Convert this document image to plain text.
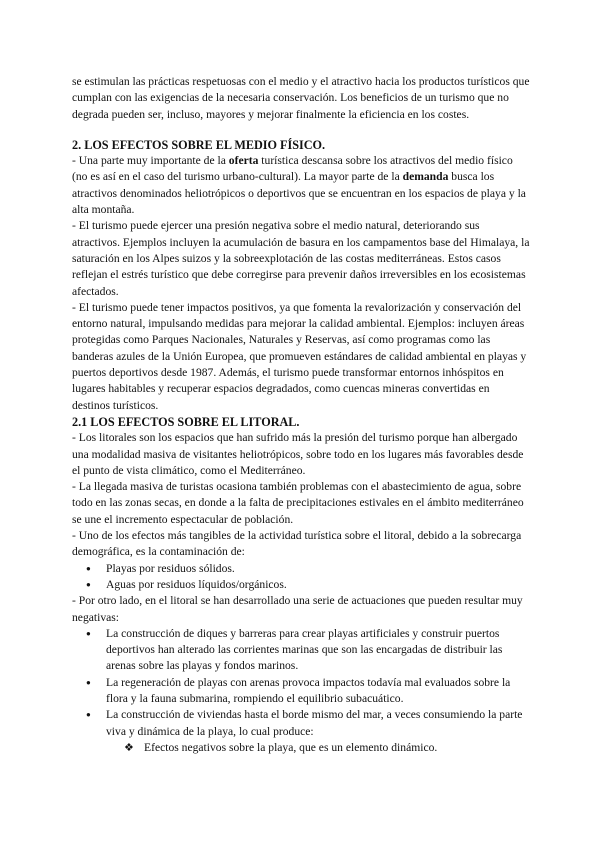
se estimulan las prácticas respetuosas con el medio y el atractivo hacia los productos turísticos que cumplan con las exigencias de la necesaria conservación. Los beneficios de un turismo que no degrada pueden ser, incluso, mayores y mejorar finalmente la eficiencia en los costes.

2. LOS EFECTOS SOBRE EL MEDIO FÍSICO.

- Una parte muy importante de la oferta turística descansa sobre los atractivos del medio físico (no es así en el caso del turismo urbano-cultural). La mayor parte de la demanda busca los atractivos denominados heliotrópicos o deportivos que se encuentran en los espacios de playa y la alta montaña.

- El turismo puede ejercer una presión negativa sobre el medio natural, deteriorando sus atractivos. Ejemplos incluyen la acumulación de basura en los campamentos base del Himalaya, la saturación en los Alpes suizos y la sobreexplotación de las costas mediterráneas. Estos casos reflejan el estrés turístico que debe corregirse para prevenir daños irreversibles en los ecosistemas afectados.

- El turismo puede tener impactos positivos, ya que fomenta la revalorización y conservación del entorno natural, impulsando medidas para mejorar la calidad ambiental. Ejemplos: incluyen áreas protegidas como Parques Nacionales, Naturales y Reservas, así como programas como las banderas azules de la Unión Europea, que promueven estándares de calidad ambiental en playas y puertos deportivos desde 1987. Además, el turismo puede transformar entornos inhóspitos en lugares habitables y recuperar espacios degradados, como cuencas mineras convertidas en destinos turísticos.

2.1 LOS EFECTOS SOBRE EL LITORAL.

- Los litorales son los espacios que han sufrido más la presión del turismo porque han albergado una modalidad masiva de visitantes heliotrópicos, sobre todo en los lugares más favorables desde el punto de vista climático, como el Mediterráneo.

- La llegada masiva de turistas ocasiona también problemas con el abastecimiento de agua, sobre todo en las zonas secas, en donde a la falta de precipitaciones estivales en el ámbito mediterráneo se une el incremento espectacular de población.

- Uno de los efectos más tangibles de la actividad turística sobre el litoral, debido a la sobrecarga demográfica, es la contaminación de:

● Playas por residuos sólidos.
● Aguas por residuos líquidos/orgánicos.

- Por otro lado, en el litoral se han desarrollado una serie de actuaciones que pueden resultar muy negativas:

● La construcción de diques y barreras para crear playas artificiales y construir puertos deportivos han alterado las corrientes marinas que son las encargadas de distribuir las arenas sobre las playas y fondos marinos.
● La regeneración de playas con arenas provoca impactos todavía mal evaluados sobre la flora y la fauna submarina, rompiendo el equilibrio subacuático.
● La construcción de viviendas hasta el borde mismo del mar, a veces consumiendo la parte viva y dinámica de la playa, lo cual produce:
❖ Efectos negativos sobre la playa, que es un elemento dinámico.
